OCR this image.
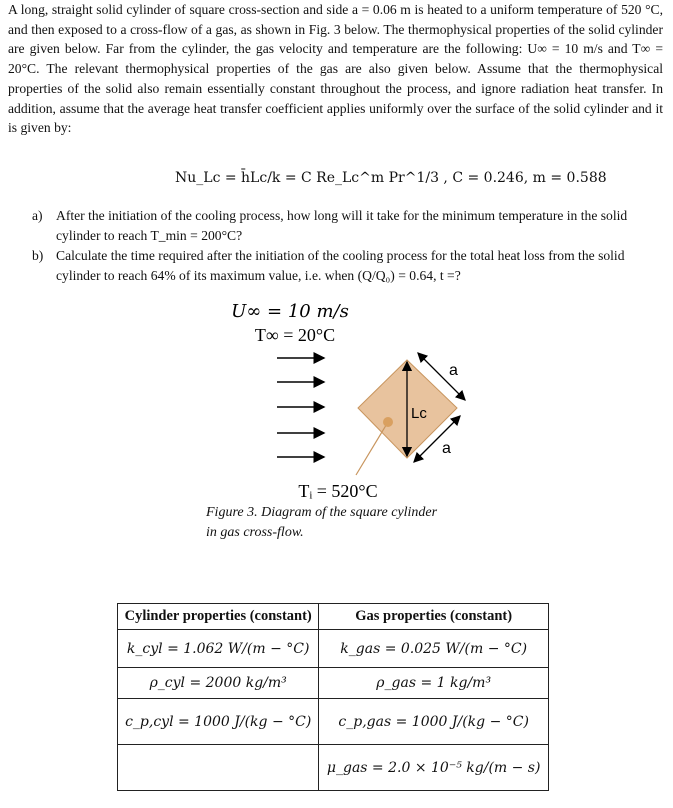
A long, straight solid cylinder of square cross-section and side a = 0.06 m is heated to a uniform temperature of 520 °C, and then exposed to a cross-flow of a gas, as shown in Fig. 3 below. The thermophysical properties of the solid cylinder are given below. Far from the cylinder, the gas velocity and temperature are the following: U∞ = 10 m/s and T∞ = 20°C. The relevant thermophysical properties of the gas are also given below. Assume that the thermophysical properties of the solid also remain essentially constant throughout the process, and ignore radiation heat transfer. In addition, assume that the average heat transfer coefficient applies uniformly over the surface of the solid cylinder and it is given by:
Nu_Lc = h̄Lc/k = C Re_Lc^m Pr^1/3 , C = 0.246, m = 0.588
a) After the initiation of the cooling process, how long will it take for the minimum temperature in the solid cylinder to reach T_min = 200°C?
b) Calculate the time required after the initiation of the cooling process for the total heat loss from the solid cylinder to reach 64% of its maximum value, i.e. when (Q/Q₀) = 0.64, t =?
U∞ = 10 m/s
T∞ = 20°C
a
a
Lc
Tᵢ = 520°C
Figure 3. Diagram of the square cylinder
in gas cross-flow.
Cylinder properties (constant)	Gas properties (constant)
k_cyl = 1.062 W/(m − °C)	k_gas = 0.025 W/(m − °C)
ρ_cyl = 2000 kg/m³	ρ_gas = 1 kg/m³
c_p,cyl = 1000 J/(kg − °C)	c_p,gas = 1000 J/(kg − °C)
	μ_gas = 2.0 × 10⁻⁵ kg/(m − s)
